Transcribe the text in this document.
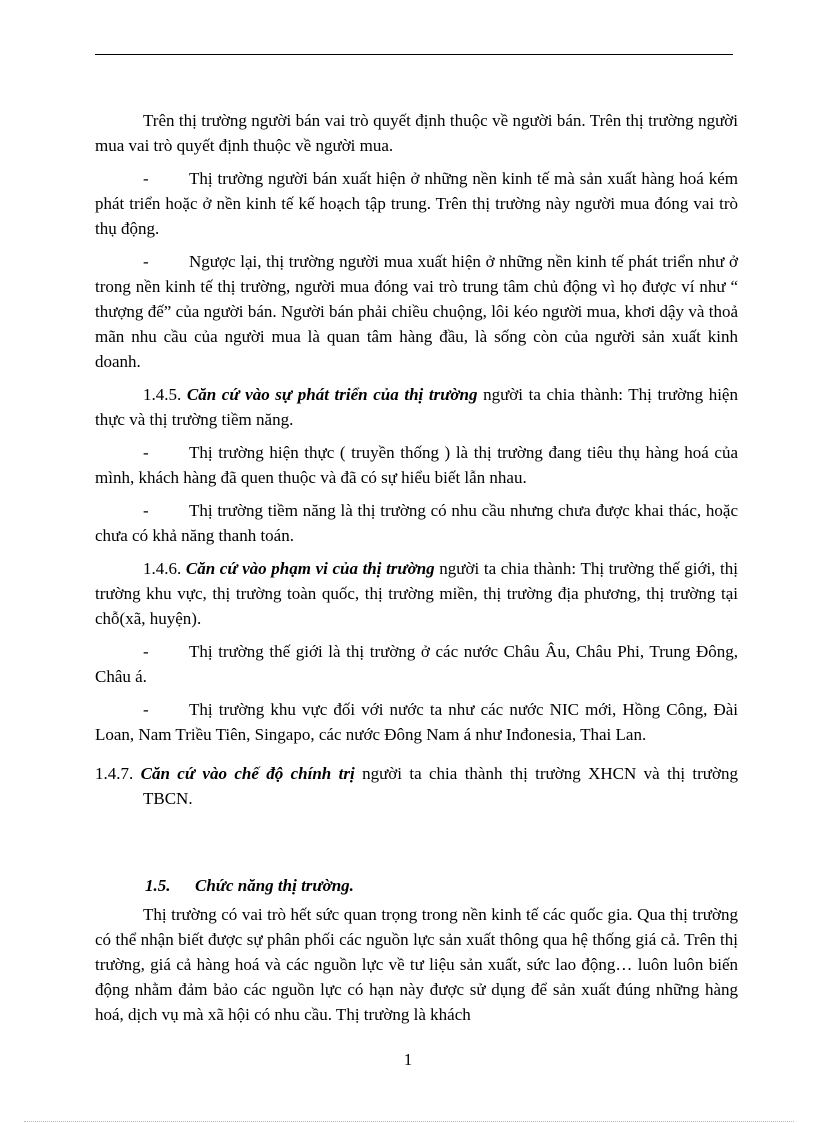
Trên thị trường người bán vai trò quyết định thuộc về người bán. Trên thị trường người mua vai trò quyết định thuộc về người mua.

- Thị trường người bán xuất hiện ở những nền kinh tế mà sản xuất hàng hoá kém phát triển hoặc ở nền kinh tế kế hoạch tập trung. Trên thị trường này người mua đóng vai trò thụ động.

- Ngược lại, thị trường người mua xuất hiện ở những nền kinh tế phát triển như ở trong nền kinh tế thị trường, người mua đóng vai trò trung tâm chủ động vì họ được ví như “ thượng đế” của người bán. Người bán phải chiều chuộng, lôi kéo người mua, khơi dậy và thoả mãn nhu cầu của người mua là quan tâm hàng đầu, là sống còn của người sản xuất kinh doanh.

1.4.5. Căn cứ vào sự phát triển của thị trường người ta chia thành: Thị trường hiện thực và thị trường tiềm năng.

- Thị trường hiện thực ( truyền thống ) là thị trường đang tiêu thụ hàng hoá của mình, khách hàng đã quen thuộc và đã có sự hiểu biết lẫn nhau.

- Thị trường tiềm năng là thị trường có nhu cầu nhưng chưa được khai thác, hoặc chưa có khả năng thanh toán.

1.4.6. Căn cứ vào phạm vi của thị trường người ta chia thành: Thị trường thế giới, thị trường khu vực, thị trường toàn quốc, thị trường miền, thị trường địa phương, thị trường tại chỗ(xã, huyện).

- Thị trường thế giới là thị trường ở các nước Châu Âu, Châu Phi, Trung Đông, Châu á.

- Thị trường khu vực đối với nước ta như các nước NIC mới, Hồng Công, Đài Loan, Nam Triều Tiên, Singapo, các nước Đông Nam á như Inđonesia, Thai Lan.

1.4.7. Căn cứ vào chế độ chính trị người ta chia thành thị trường XHCN và thị trường TBCN.

1.5. Chức năng thị trường.

Thị trường có vai trò hết sức quan trọng trong nền kinh tế các quốc gia. Qua thị trường có thể nhận biết được sự phân phối các nguồn lực sản xuất thông qua hệ thống giá cả. Trên thị trường, giá cả hàng hoá và các nguồn lực về tư liệu sản xuất, sức lao động… luôn luôn biến động nhằm đảm bảo các nguồn lực có hạn này được sử dụng để sản xuất đúng những hàng hoá, dịch vụ mà xã hội có nhu cầu. Thị trường là khách

1
